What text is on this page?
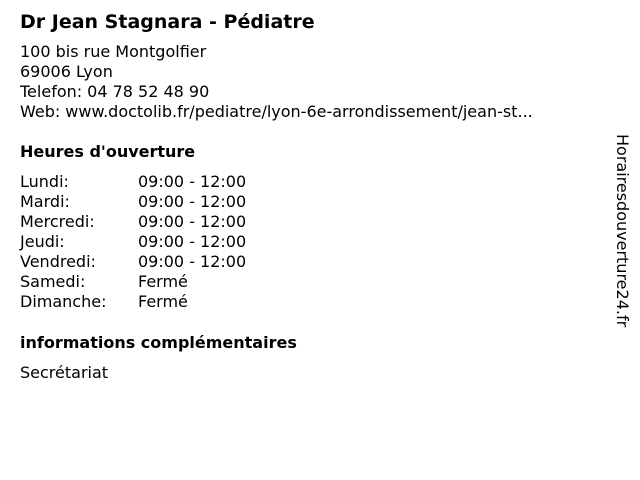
Dr Jean Stagnara - Pédiatre
100 bis rue Montgolfier
69006 Lyon
Telefon: 04 78 52 48 90
Web: www.doctolib.fr/pediatre/lyon-6e-arrondissement/jean-st...
Heures d'ouverture
Lundi:	09:00 - 12:00
Mardi:	09:00 - 12:00
Mercredi:	09:00 - 12:00
Jeudi:	09:00 - 12:00
Vendredi:	09:00 - 12:00
Samedi:	Fermé
Dimanche:	Fermé
informations complémentaires
Secrétariat
Horairesdouverture24.fr
